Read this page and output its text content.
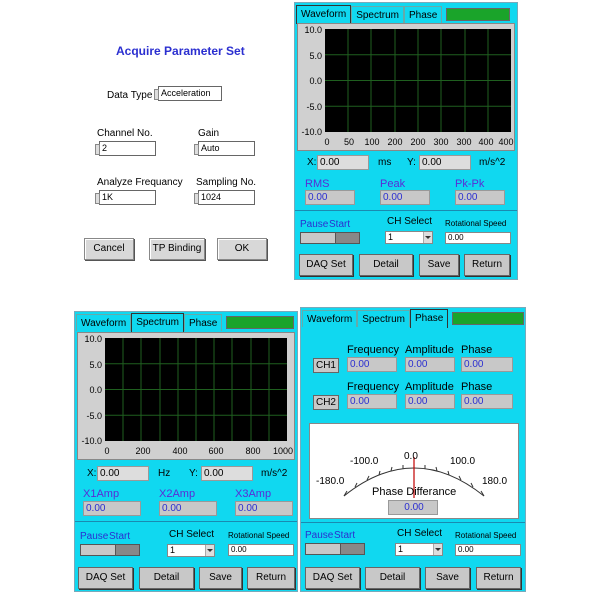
Acquire Parameter Set
Data Type Acceleration
Channel No.
2
Gain
Auto
Analyze Frequancy
1K
Sampling No.
1024
Cancel	TP Binding	OK
Waveform	Spectrum	Phase
10.0
5.0
0.0
-5.0
-10.0
0	50	100 200 200 300 300 400 400
X: 0.00	ms Y: 0.00	m/s^2
RMS
0.00
Peak
0.00
Pk-Pk
0.00
Pause Start	CH Select
1
Rotational Speed
0.00
DAQ Set	Detail	Save	Return
Waveform	Spectrum	Phase
10.0
5.0
0.0
-5.0
-10.0
0	200	400	600	800	1000
X: 0.00	Hz Y: 0.00	m/s^2
X1Amp
0.00
X2Amp
0.00
X3Amp
0.00
Pause Start	CH Select
1
Rotational Speed
0.00
DAQ Set	Detail	Save	Return
Waveform	Spectrum	Phase
Frequency Amplitude Phase
CH1	0.00	0.00	0.00
Frequency Amplitude Phase
CH2	0.00	0.00	0.00
-100.0	0.0	100.0
-180.0	180.0
Phase Differance
0.00
Pause Start	CH Select
1
Rotational Speed
0.00
DAQ Set	Detail	Save	Return
